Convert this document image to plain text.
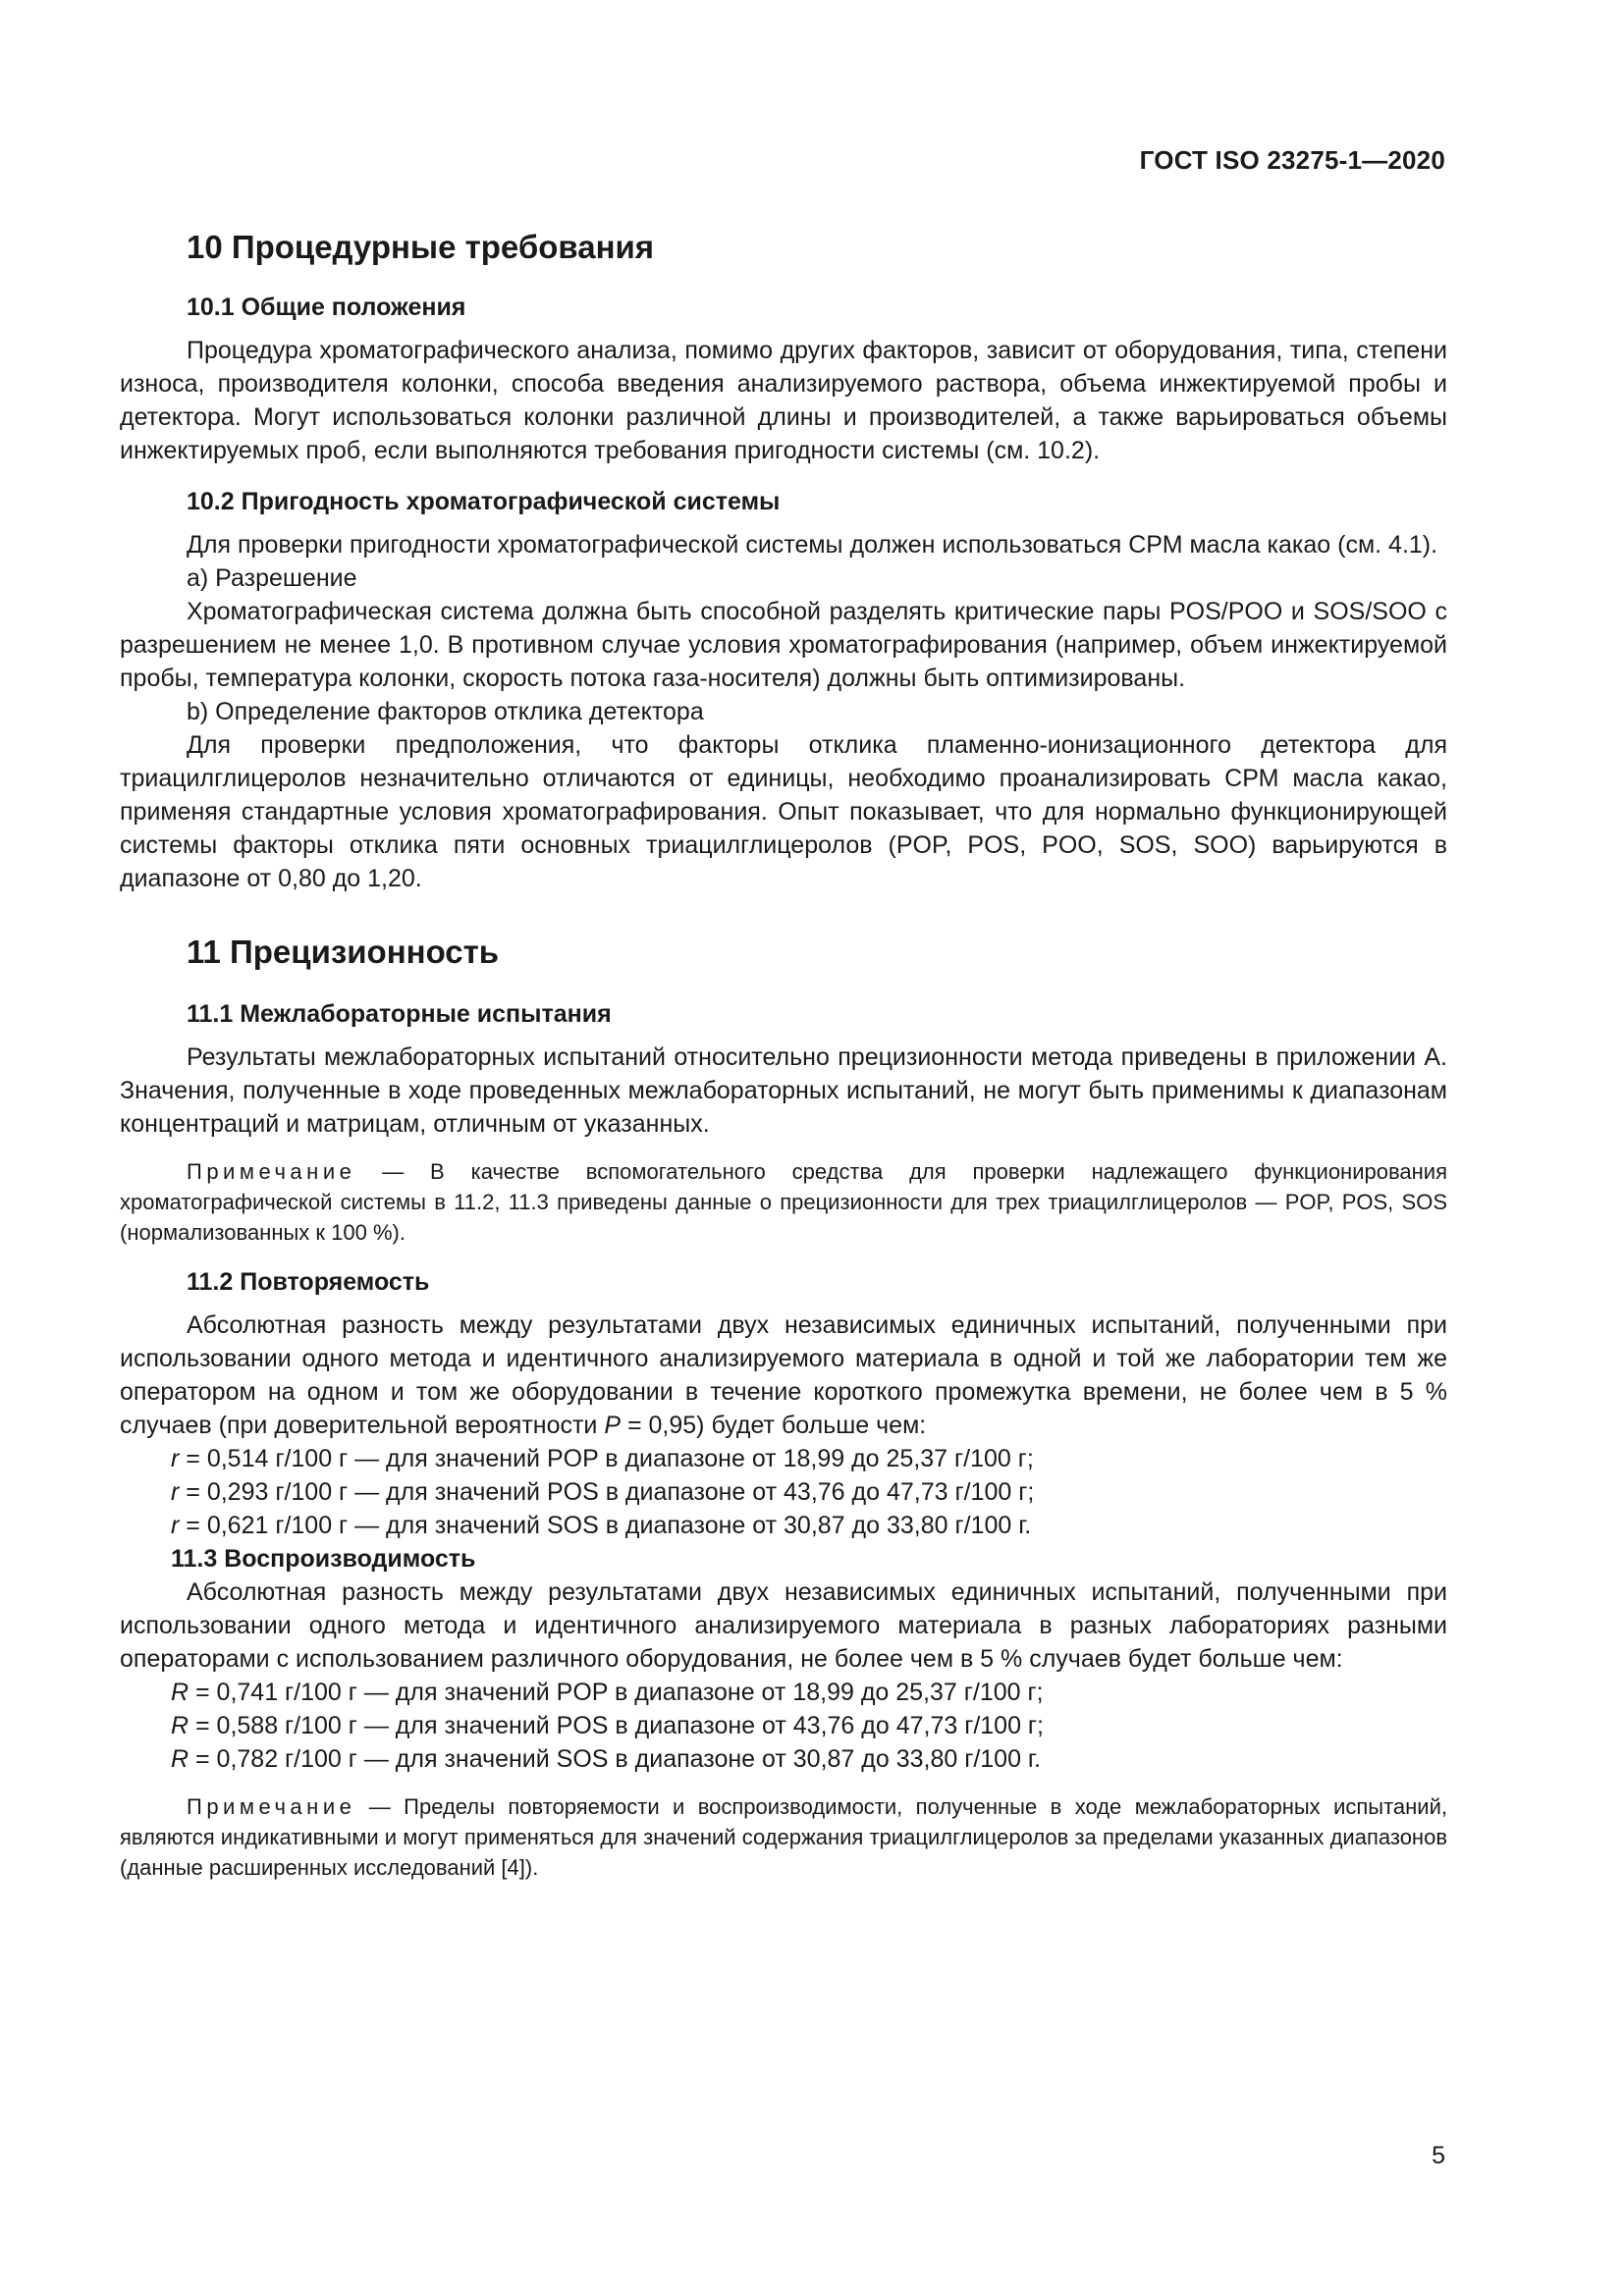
ГОСТ ISO 23275-1—2020
10 Процедурные требования
10.1 Общие положения

Процедура хроматографического анализа, помимо других факторов, зависит от оборудования, типа, степени износа, производителя колонки, способа введения анализируемого раствора, объема инжектируемой пробы и детектора. Могут использоваться колонки различной длины и производителей, а также варьироваться объемы инжектируемых проб, если выполняются требования пригодности системы (см. 10.2).

10.2 Пригодность хроматографической системы

Для проверки пригодности хроматографической системы должен использоваться СРМ масла какао (см. 4.1).

a) Разрешение

Хроматографическая система должна быть способной разделять критические пары POS/POO и SOS/SOO с разрешением не менее 1,0. В противном случае условия хроматографирования (например, объем инжектируемой пробы, температура колонки, скорость потока газа-носителя) должны быть оптимизированы.

b) Определение факторов отклика детектора

Для проверки предположения, что факторы отклика пламенно-ионизационного детектора для триацилглицеролов незначительно отличаются от единицы, необходимо проанализировать СРМ масла какао, применяя стандартные условия хроматографирования. Опыт показывает, что для нормально функционирующей системы факторы отклика пяти основных триацилглицеролов (POP, POS, POO, SOS, SOO) варьируются в диапазоне от 0,80 до 1,20.

11 Прецизионность
11.1 Межлабораторные испытания

Результаты межлабораторных испытаний относительно прецизионности метода приведены в приложении А. Значения, полученные в ходе проведенных межлабораторных испытаний, не могут быть применимы к диапазонам концентраций и матрицам, отличным от указанных.

Примечание — В качестве вспомогательного средства для проверки надлежащего функционирования хроматографической системы в 11.2, 11.3 приведены данные о прецизионности для трех триацилглицеролов — POP, POS, SOS (нормализованных к 100 %).
11.2 Повторяемость

Абсолютная разность между результатами двух независимых единичных испытаний, полученными при использовании одного метода и идентичного анализируемого материала в одной и той же лаборатории тем же оператором на одном и том же оборудовании в течение короткого промежутка времени, не более чем в 5 % случаев (при доверительной вероятности P = 0,95) будет больше чем:

r = 0,514 г/100 г — для значений POP в диапазоне от 18,99 до 25,37 г/100 г;
r = 0,293 г/100 г — для значений POS в диапазоне от 43,76 до 47,73 г/100 г;
r = 0,621 г/100 г — для значений SOS в диапазоне от 30,87 до 33,80 г/100 г.
11.3 Воспроизводимость

Абсолютная разность между результатами двух независимых единичных испытаний, полученными при использовании одного метода и идентичного анализируемого материала в разных лабораториях разными операторами с использованием различного оборудования, не более чем в 5 % случаев будет больше чем:

R = 0,741 г/100 г — для значений POP в диапазоне от 18,99 до 25,37 г/100 г;
R = 0,588 г/100 г — для значений POS в диапазоне от 43,76 до 47,73 г/100 г;
R = 0,782 г/100 г — для значений SOS в диапазоне от 30,87 до 33,80 г/100 г.
Примечание — Пределы повторяемости и воспроизводимости, полученные в ходе межлабораторных испытаний, являются индикативными и могут применяться для значений содержания триацилглицеролов за пределами указанных диапазонов (данные расширенных исследований [4]).
5
